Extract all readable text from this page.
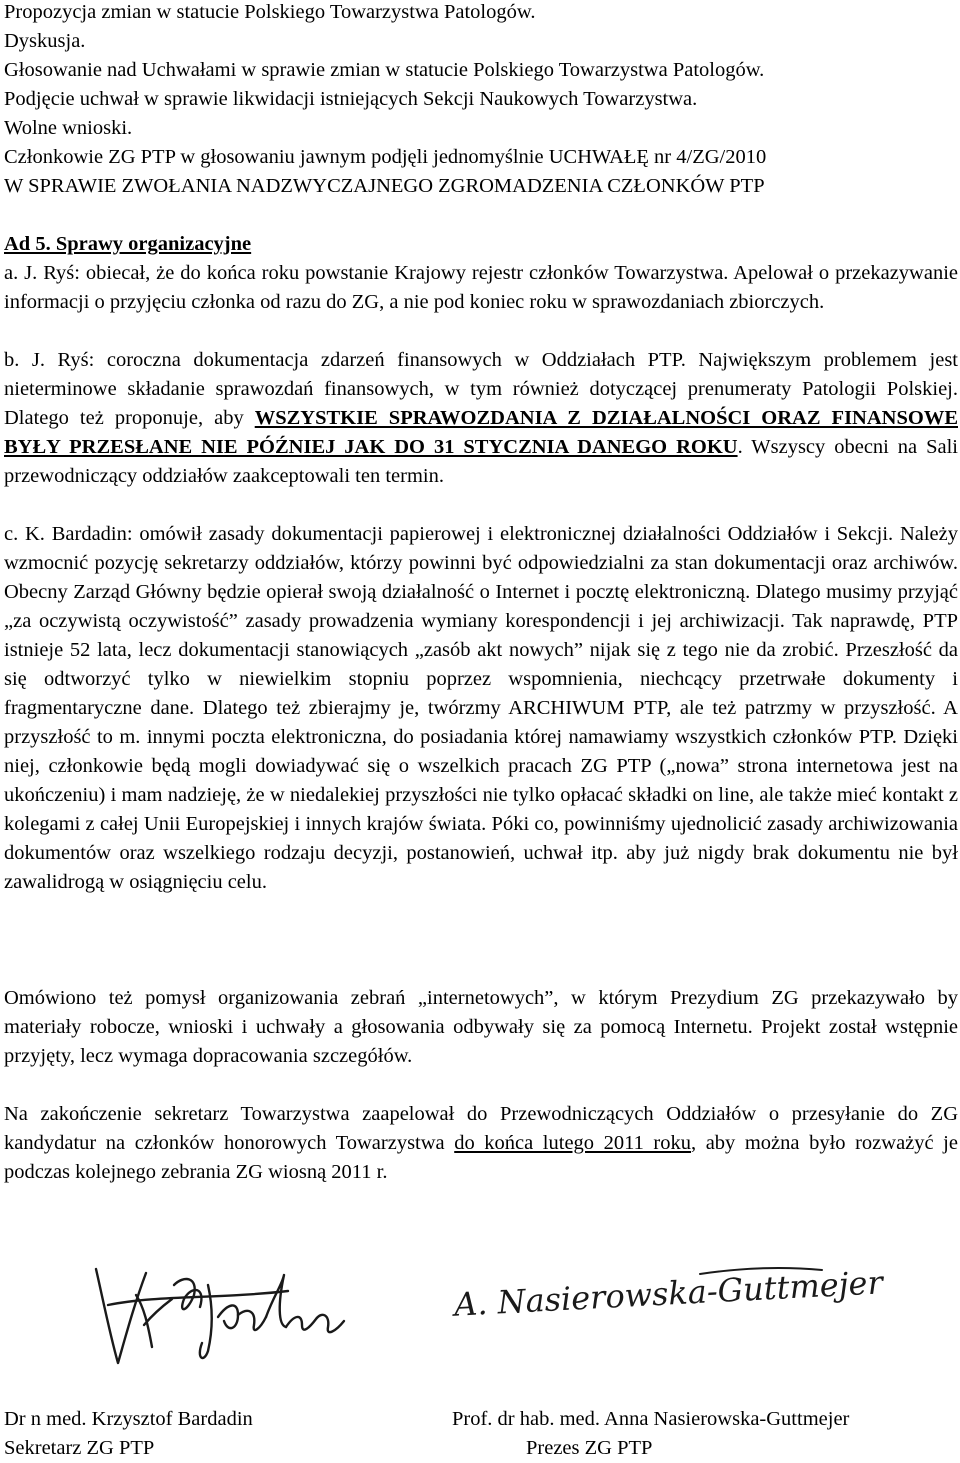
Propozycja zmian w statucie Polskiego Towarzystwa Patologów.
Dyskusja.
Głosowanie nad Uchwałami w sprawie zmian w statucie Polskiego Towarzystwa Patologów.
Podjęcie uchwał w sprawie likwidacji istniejących Sekcji Naukowych Towarzystwa.
Wolne wnioski.
Członkowie ZG PTP w głosowaniu jawnym podjęli jednomyślnie UCHWAŁĘ nr 4/ZG/2010
W SPRAWIE ZWOŁANIA NADZWYCZAJNEGO ZGROMADZENIA CZŁONKÓW PTP
Ad 5. Sprawy organizacyjne
a. J. Ryś: obiecał, że do końca roku powstanie Krajowy rejestr członków Towarzystwa. Apelował o przekazywanie informacji o przyjęciu członka od razu do ZG, a nie pod koniec roku w sprawozdaniach zbiorczych.
b. J. Ryś: coroczna dokumentacja zdarzeń finansowych w Oddziałach PTP. Największym problemem jest nieterminowe składanie sprawozdań finansowych, w tym również dotyczącej prenumeraty Patologii Polskiej. Dlatego też proponuje, aby WSZYSTKIE SPRAWOZDANIA Z DZIAŁALNOŚCI ORAZ FINANSOWE BYŁY PRZESŁANE NIE PÓŹNIEJ JAK DO 31 STYCZNIA DANEGO ROKU. Wszyscy obecni na Sali przewodniczący oddziałów zaakceptowali ten termin.
c. K. Bardadin: omówił zasady dokumentacji papierowej i elektronicznej działalności Oddziałów i Sekcji. Należy wzmocnić pozycję sekretarzy oddziałów, którzy powinni być odpowiedzialni za stan dokumentacji oraz archiwów. Obecny Zarząd Główny będzie opierał swoją działalność o Internet i pocztę elektroniczną. Dlatego musimy przyjąć „za oczywistą oczywistość” zasady prowadzenia wymiany korespondencji i jej archiwizacji. Tak naprawdę, PTP istnieje 52 lata, lecz dokumentacji stanowiących „zasób akt nowych” nijak się z tego nie da zrobić. Przeszłość da się odtworzyć tylko w niewielkim stopniu poprzez wspomnienia, niechcący przetrwałe dokumenty i fragmentaryczne dane. Dlatego też zbierajmy je, twórzmy ARCHIWUM PTP, ale też patrzmy w przyszłość. A przyszłość to m. innymi poczta elektroniczna, do posiadania której namawiamy wszystkich członków PTP. Dzięki niej, członkowie będą mogli dowiadywać się o wszelkich pracach ZG PTP („nowa” strona internetowa jest na ukończeniu) i mam nadzieję, że w niedalekiej przyszłości nie tylko opłacać składki on line, ale także mieć kontakt z kolegami z całej Unii Europejskiej i innych krajów świata. Póki co, powinniśmy ujednolicić zasady archiwizowania dokumentów oraz wszelkiego rodzaju decyzji, postanowień, uchwał itp. aby już nigdy brak dokumentu nie był zawalidrogą w osiągnięciu celu.
Omówiono też pomysł organizowania zebrań „internetowych”, w którym Prezydium ZG przekazywało by materiały robocze, wnioski i uchwały a głosowania odbywały się za pomocą Internetu. Projekt został wstępnie przyjęty, lecz wymaga dopracowania szczegółów.
Na zakończenie sekretarz Towarzystwa zaapelował do Przewodniczących Oddziałów o przesyłanie do ZG kandydatur na członków honorowych Towarzystwa do końca lutego 2011 roku, aby można było rozważyć je podczas kolejnego zebrania ZG wiosną 2011 r.
A. Nasierowska-Guttmejer
Dr n med. Krzysztof Bardadin
Sekretarz ZG PTP
Prof. dr hab. med. Anna Nasierowska-Guttmejer
Prezes ZG PTP
